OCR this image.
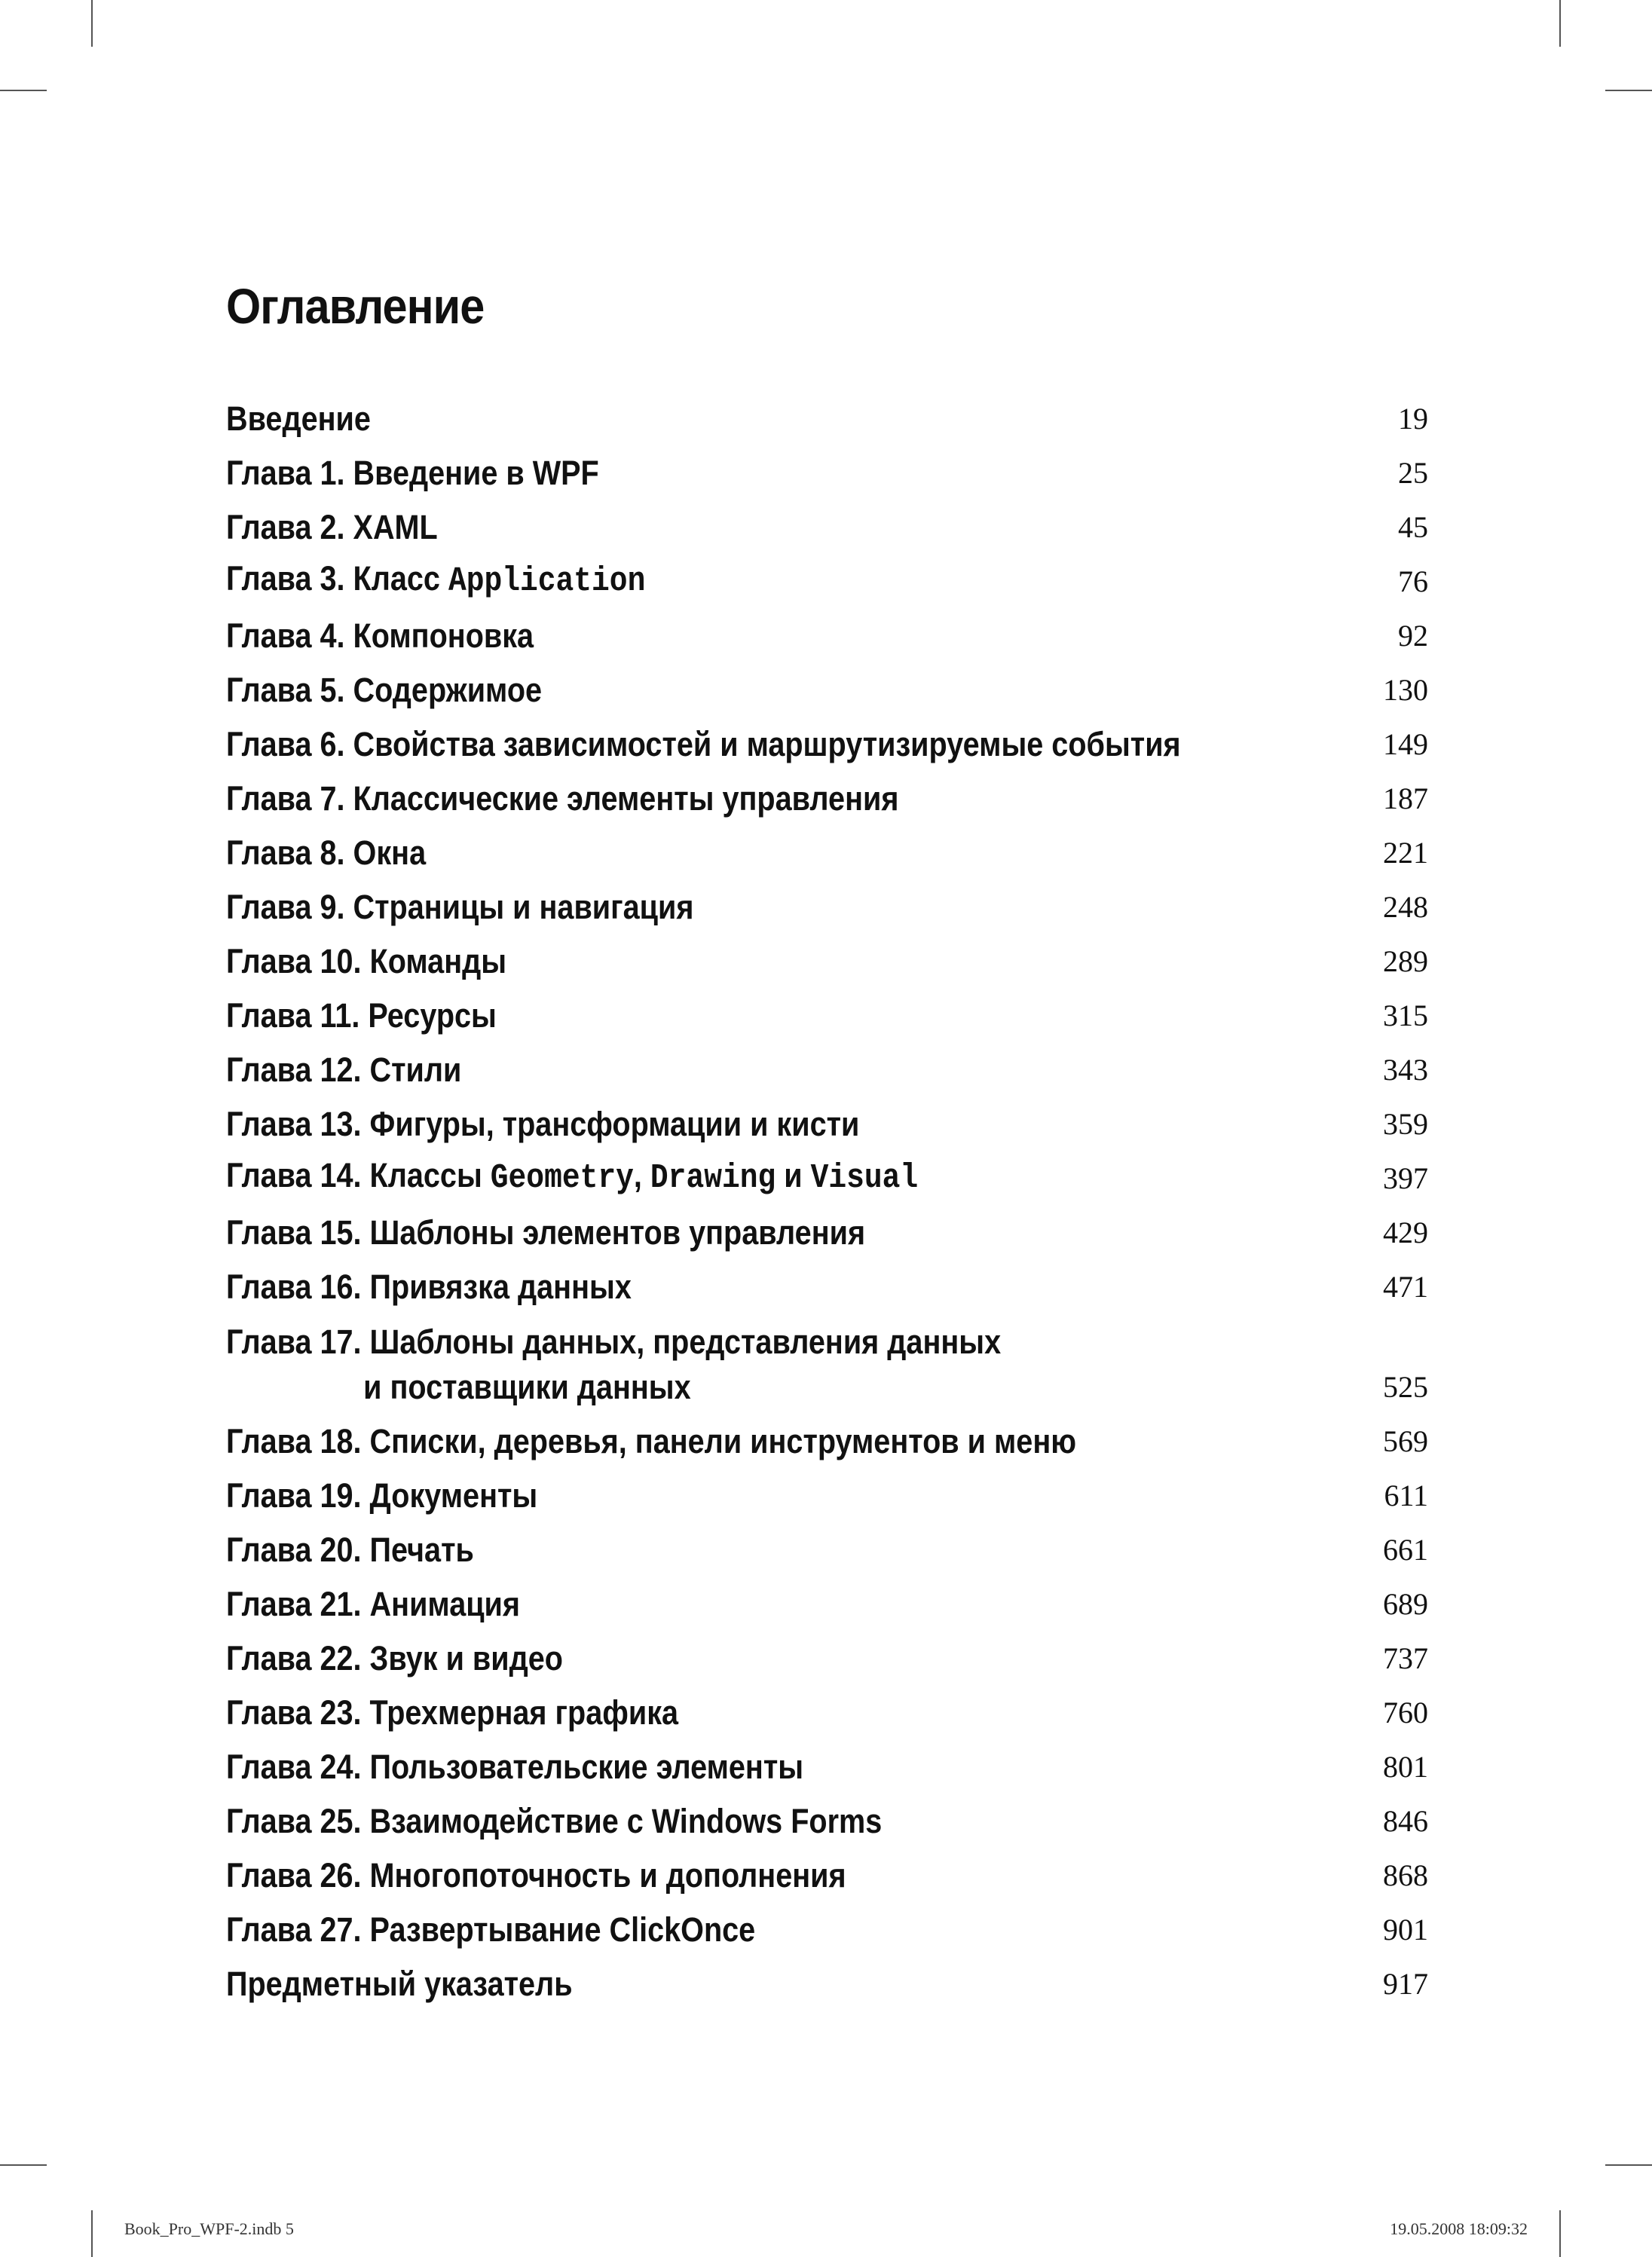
Оглавление
Введение	19
Глава 1. Введение в WPF	25
Глава 2. XAML	45
Глава 3. Класс Application	76
Глава 4. Компоновка	92
Глава 5. Содержимое	130
Глава 6. Свойства зависимостей и маршрутизируемые события	149
Глава 7. Классические элементы управления	187
Глава 8. Окна	221
Глава 9. Страницы и навигация	248
Глава 10. Команды	289
Глава 11. Ресурсы	315
Глава 12. Стили	343
Глава 13. Фигуры, трансформации и кисти	359
Глава 14. Классы Geometry, Drawing и Visual	397
Глава 15. Шаблоны элементов управления	429
Глава 16. Привязка данных	471
Глава 17. Шаблоны данных, представления данных
и поставщики данных	525
Глава 18. Списки, деревья, панели инструментов и меню	569
Глава 19. Документы	611
Глава 20. Печать	661
Глава 21. Анимация	689
Глава 22. Звук и видео	737
Глава 23. Трехмерная графика	760
Глава 24. Пользовательские элементы	801
Глава 25. Взаимодействие с Windows Forms	846
Глава 26. Многопоточность и дополнения	868
Глава 27. Развертывание ClickOnce	901
Предметный указатель	917
Book_Pro_WPF-2.indb 5	19.05.2008 18:09:32
